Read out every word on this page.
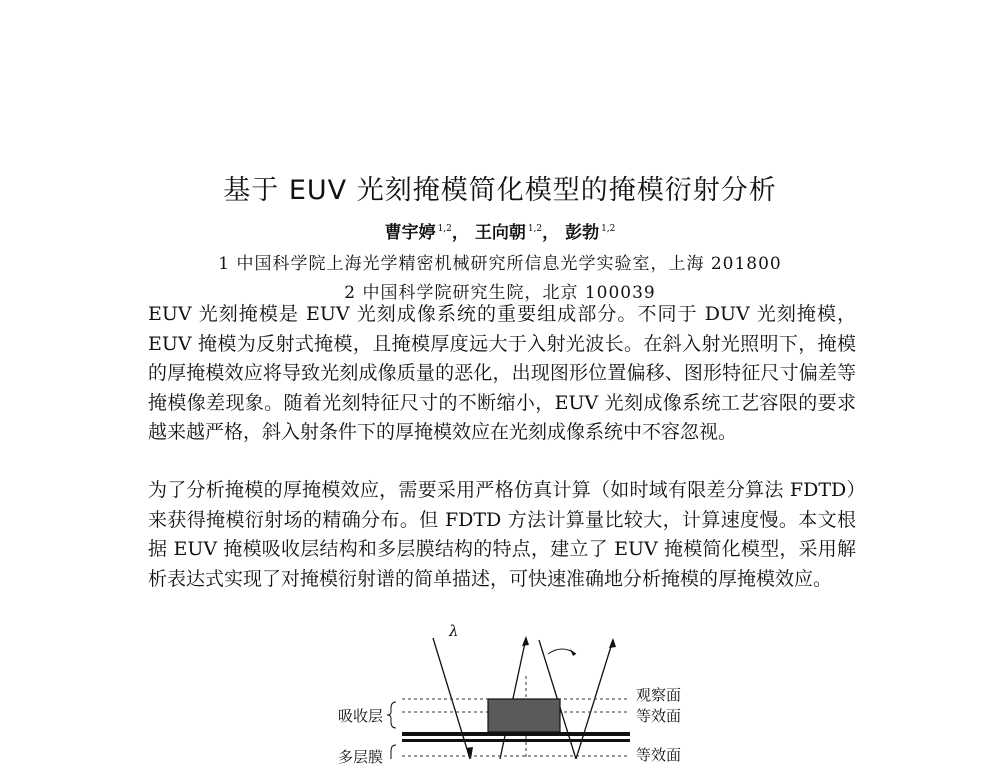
基于 EUV 光刻掩模简化模型的掩模衍射分析
曹宇婷 $^{1,2}$， 王向朝 $^{1,2}$， 彭勃 $^{1,2}$
1 中国科学院上海光学精密机械研究所信息光学实验室，上海 201800
2 中国科学院研究生院，北京 100039

EUV 光刻掩模是 EUV 光刻成像系统的重要组成部分。不同于 DUV 光刻掩模，EUV 掩模为反射式掩模，且掩模厚度远大于入射光波长。在斜入射光照明下，掩模的厚掩模效应将导致光刻成像质量的恶化，出现图形位置偏移、图形特征尺寸偏差等掩模像差现象。随着光刻特征尺寸的不断缩小，EUV 光刻成像系统工艺容限的要求越来越严格，斜入射条件下的厚掩模效应在光刻成像系统中不容忽视。

为了分析掩模的厚掩模效应，需要采用严格仿真计算（如时域有限差分算法 FDTD）来获得掩模衍射场的精确分布。但 FDTD 方法计算量比较大，计算速度慢。本文根据 EUV 掩模吸收层结构和多层膜结构的特点，建立了 EUV 掩模简化模型，采用解析表达式实现了对掩模衍射谱的简单描述，可快速准确地分析掩模的厚掩模效应。

λ
吸收层
多层膜
观察面
等效面
等效面
